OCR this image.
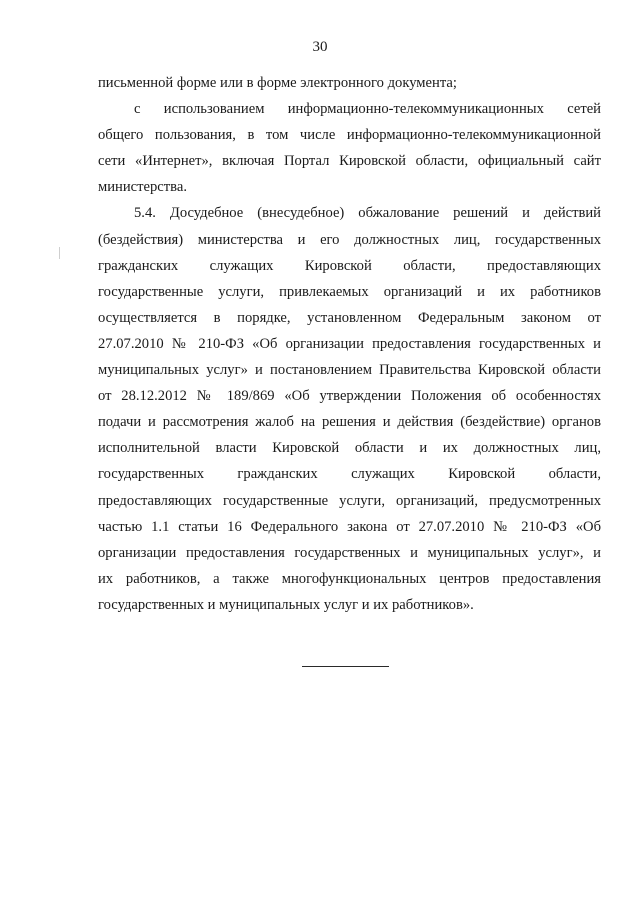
30
письменной форме или в форме электронного документа;
с использованием информационно-телекоммуникационных сетей
общего пользования, в том числе информационно-телекоммуникационной
сети «Интернет», включая Портал Кировской области, официальный сайт
министерства.
5.4. Досудебное (внесудебное) обжалование решений и действий
(бездействия) министерства и его должностных лиц, государственных
гражданских служащих Кировской области, предоставляющих
государственные услуги, привлекаемых организаций и их работников
осуществляется в порядке, установленном Федеральным законом от
27.07.2010 № 210-ФЗ «Об организации предоставления государственных и
муниципальных услуг» и постановлением Правительства Кировской области
от 28.12.2012 № 189/869 «Об утверждении Положения об особенностях
подачи и рассмотрения жалоб на решения и действия (бездействие) органов
исполнительной власти Кировской области и их должностных лиц,
государственных гражданских служащих Кировской области,
предоставляющих государственные услуги, организаций, предусмотренных
частью 1.1 статьи 16 Федерального закона от 27.07.2010 № 210-ФЗ «Об
организации предоставления государственных и муниципальных услуг», и
их работников, а также многофункциональных центров предоставления
государственных и муниципальных услуг и их работников».
